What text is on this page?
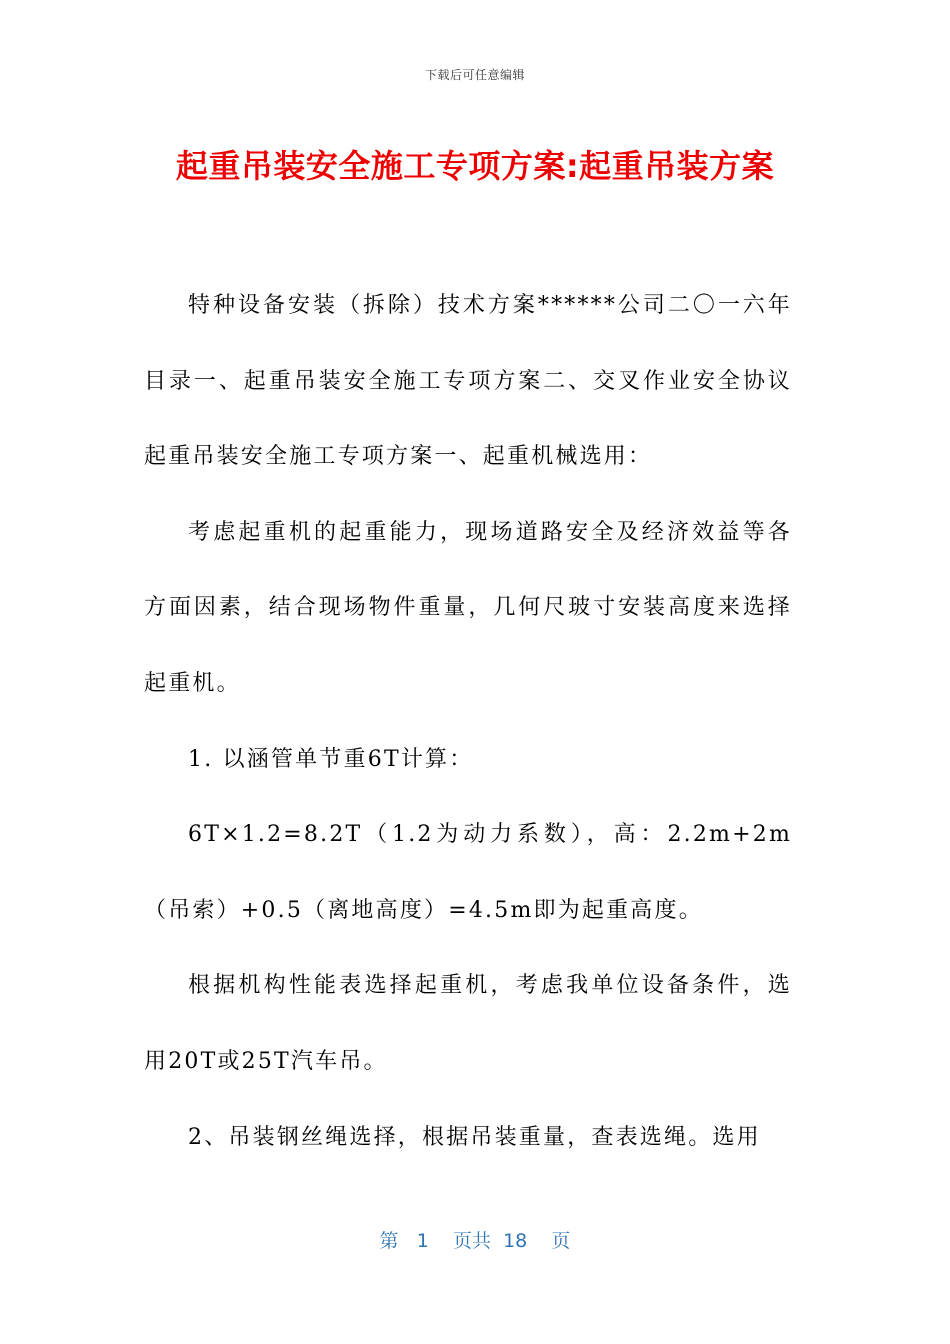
下载后可任意编辑
起重吊装安全施工专项方案:起重吊装方案

特种设备安装（拆除）技术方案******公司二〇一六年目录一、起重吊装安全施工专项方案二、交叉作业安全协议起重吊装安全施工专项方案一、起重机械选用：

考虑起重机的起重能力，现场道路安全及经济效益等各方面因素，结合现场物件重量，几何尺玻寸安装高度来选择起重机。

1. 以涵管单节重6T计算：

6T×1.2=8.2T（1.2为动力系数），高：2.2m+2m（吊索）+0.5（离地高度）=4.5m即为起重高度。

根据机构性能表选择起重机，考虑我单位设备条件，选用20T或25T汽车吊。

2、吊装钢丝绳选择，根据吊装重量，查表选绳。选用

第 1 页共 18 页
